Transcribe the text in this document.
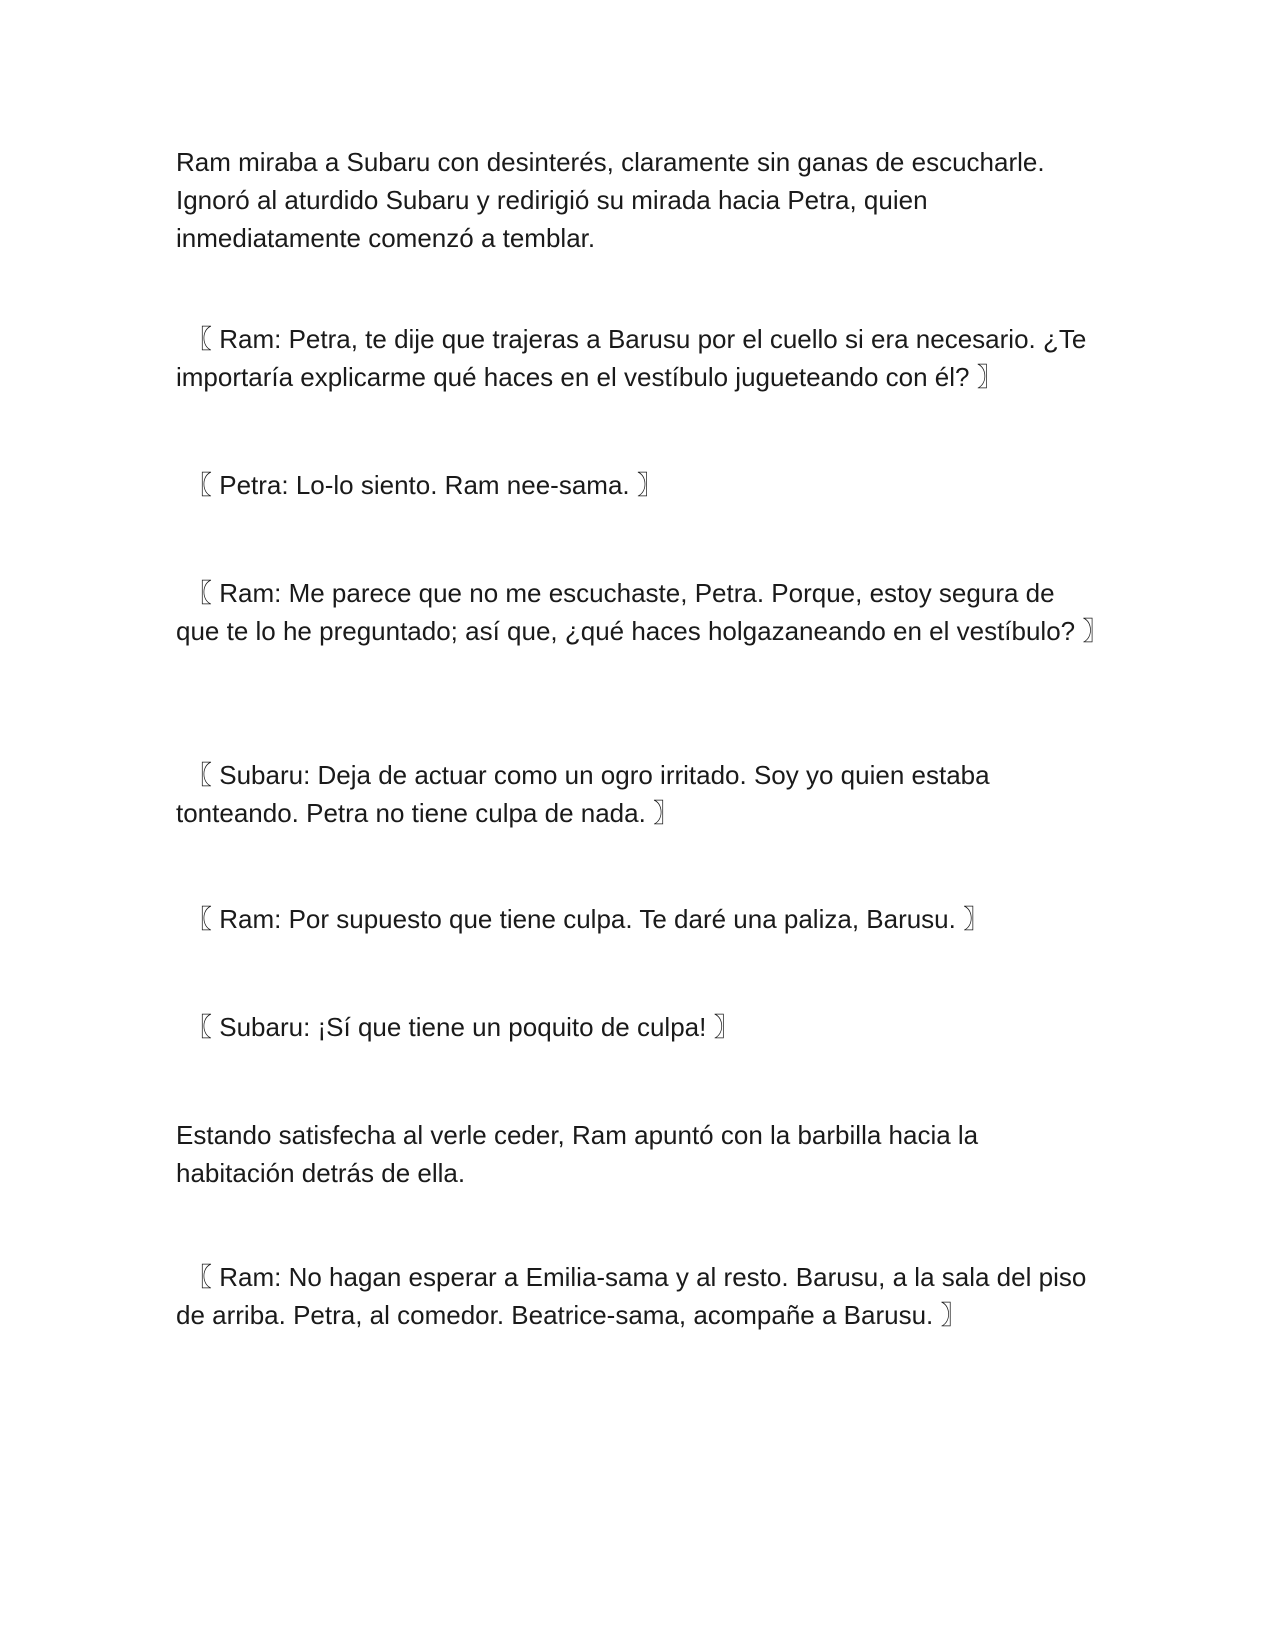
Ram miraba a Subaru con desinterés, claramente sin ganas de escucharle. Ignoró al aturdido Subaru y redirigió su mirada hacia Petra, quien inmediatamente comenzó a temblar.

〖 Ram: Petra, te dije que trajeras a Barusu por el cuello si era necesario. ¿Te importaría explicarme qué haces en el vestíbulo jugueteando con él? 〗

〖 Petra: Lo-lo siento. Ram nee-sama. 〗

〖 Ram: Me parece que no me escuchaste, Petra. Porque, estoy segura de que te lo he preguntado; así que, ¿qué haces holgazaneando en el vestíbulo? 〗

〖 Subaru: Deja de actuar como un ogro irritado. Soy yo quien estaba tonteando. Petra no tiene culpa de nada. 〗

〖 Ram: Por supuesto que tiene culpa. Te daré una paliza, Barusu. 〗

〖 Subaru: ¡Sí que tiene un poquito de culpa! 〗

Estando satisfecha al verle ceder, Ram apuntó con la barbilla hacia la habitación detrás de ella.

〖 Ram: No hagan esperar a Emilia-sama y al resto. Barusu, a la sala del piso de arriba. Petra, al comedor. Beatrice-sama, acompañe a Barusu. 〗
